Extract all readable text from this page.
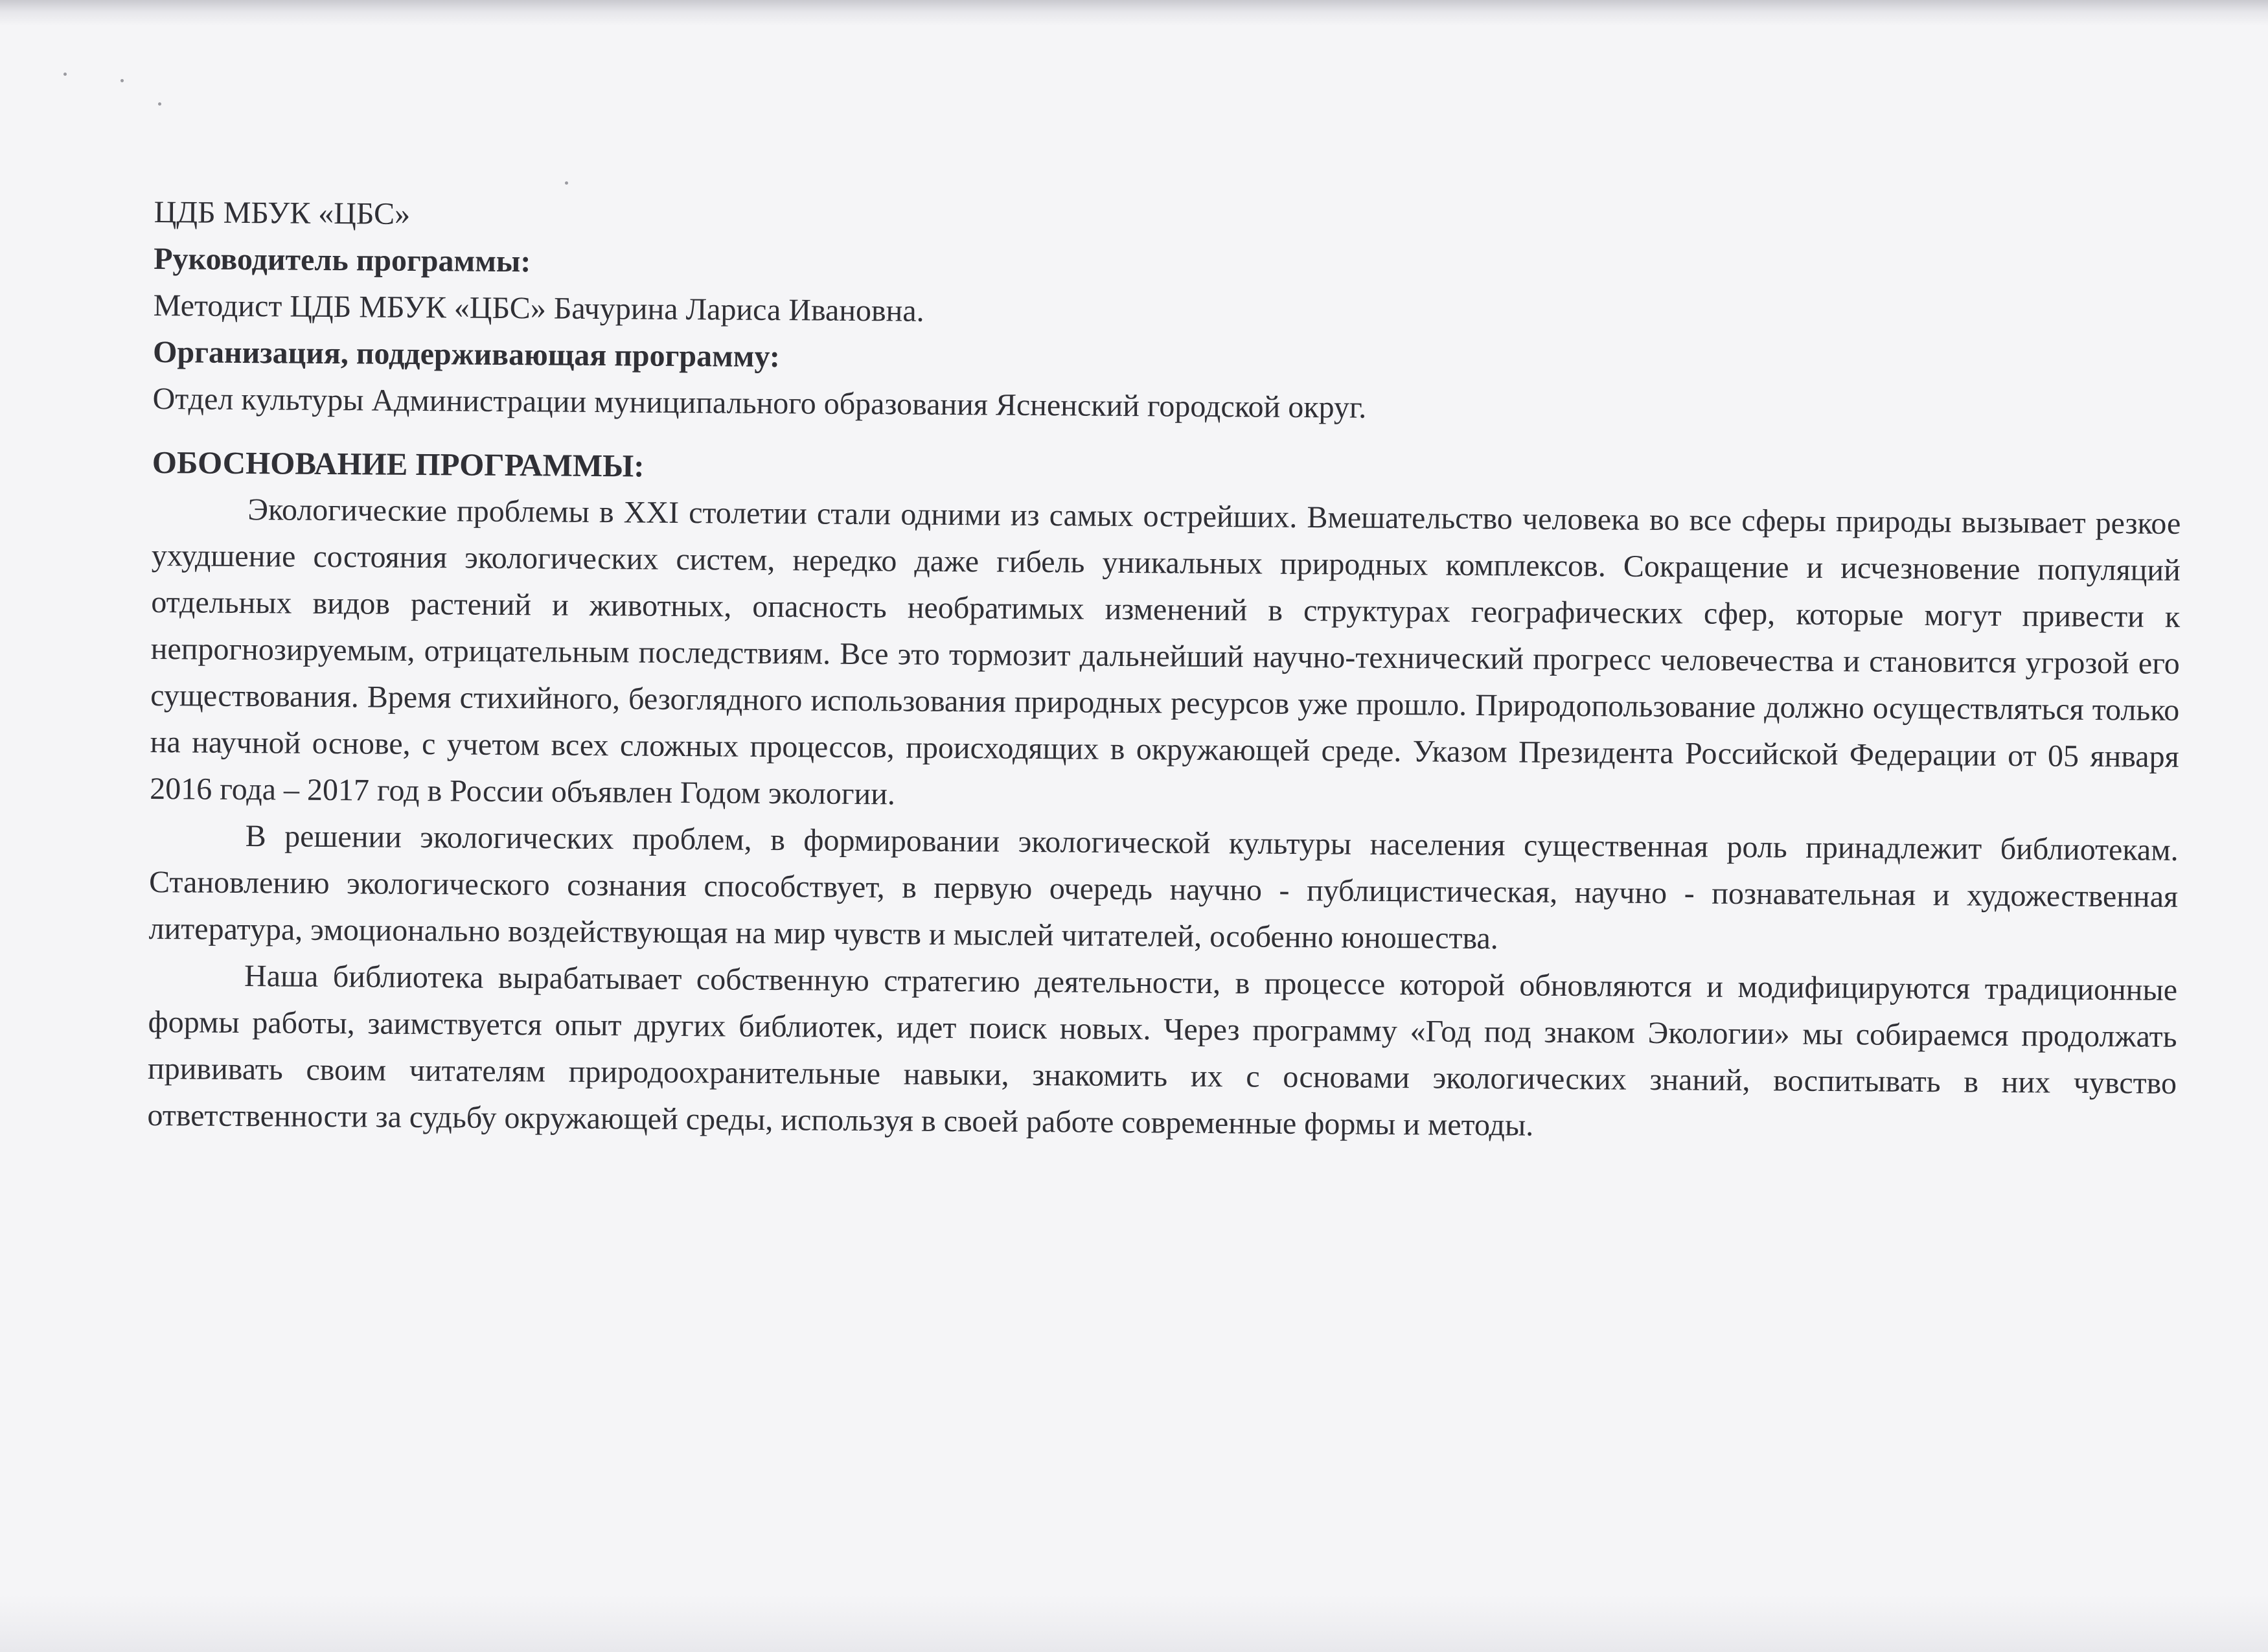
ЦДБ МБУК «ЦБС»

Руководитель программы:

Методист ЦДБ МБУК «ЦБС» Бачурина Лариса Ивановна.

Организация, поддерживающая программу:

Отдел культуры Администрации муниципального образования Ясненский городской округ.

ОБОСНОВАНИЕ ПРОГРАММЫ:

Экологические проблемы в XXI столетии стали одними из самых острейших. Вмешательство человека во все сферы природы вызывает резкое ухудшение состояния экологических систем, нередко даже гибель уникальных природных комплексов. Сокращение и исчезновение популяций отдельных видов растений и животных, опасность необратимых изменений в структурах географических сфер, которые могут привести к непрогнозируемым, отрицательным последствиям. Все это тормозит дальнейший научно-технический прогресс человечества и становится угрозой его существования. Время стихийного, безоглядного использования природных ресурсов уже прошло. Природопользование должно осуществляться только на научной основе, с учетом всех сложных процессов, происходящих в окружающей среде. Указом Президента Российской Федерации от 05 января 2016 года – 2017 год в России объявлен Годом экологии.

В решении экологических проблем, в формировании экологической культуры населения существенная роль принадлежит библиотекам. Становлению экологического сознания способствует, в первую очередь научно - публицистическая, научно - познавательная и художественная литература, эмоционально воздействующая на мир чувств и мыслей читателей, особенно юношества.

Наша библиотека вырабатывает собственную стратегию деятельности, в процессе которой обновляются и модифицируются традиционные формы работы, заимствуется опыт других библиотек, идет поиск новых. Через программу «Год под знаком Экологии» мы собираемся продолжать прививать своим читателям природоохранительные навыки, знакомить их с основами экологических знаний, воспитывать в них чувство ответственности за судьбу окружающей среды, используя в своей работе современные формы и методы.
